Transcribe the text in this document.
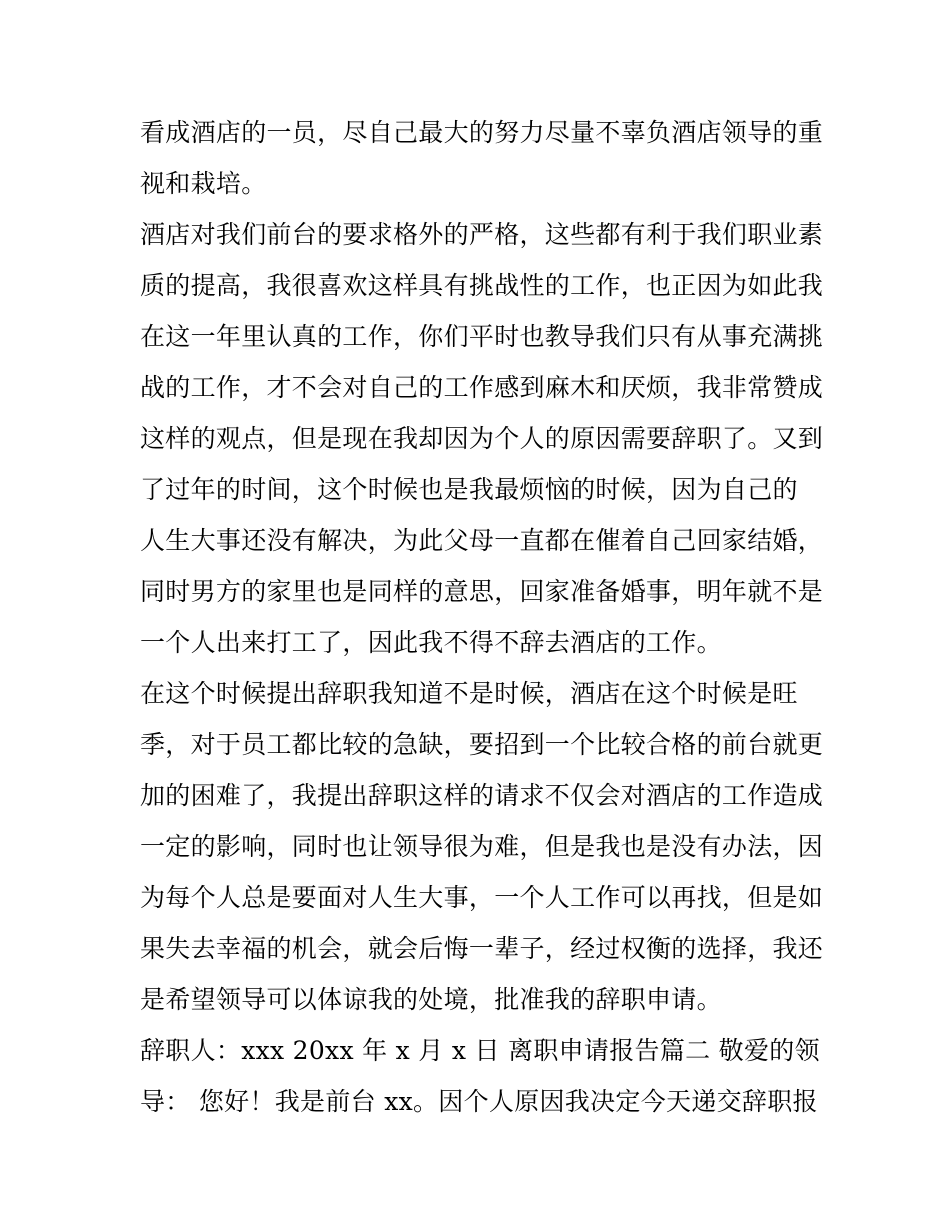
看成酒店的一员，尽自己最大的努力尽量不辜负酒店领导的重
视和栽培。
酒店对我们前台的要求格外的严格，这些都有利于我们职业素
质的提高，我很喜欢这样具有挑战性的工作，也正因为如此我
在这一年里认真的工作，你们平时也教导我们只有从事充满挑
战的工作，才不会对自己的工作感到麻木和厌烦，我非常赞成
这样的观点，但是现在我却因为个人的原因需要辞职了。又到
了过年的时间，这个时候也是我最烦恼的时候，因为自己的
人生大事还没有解决，为此父母一直都在催着自己回家结婚，
同时男方的家里也是同样的意思，回家准备婚事，明年就不是
一个人出来打工了，因此我不得不辞去酒店的工作。
在这个时候提出辞职我知道不是时候，酒店在这个时候是旺
季，对于员工都比较的急缺，要招到一个比较合格的前台就更
加的困难了，我提出辞职这样的请求不仅会对酒店的工作造成
一定的影响，同时也让领导很为难，但是我也是没有办法，因
为每个人总是要面对人生大事，一个人工作可以再找，但是如
果失去幸福的机会，就会后悔一辈子，经过权衡的选择，我还
是希望领导可以体谅我的处境，批准我的辞职申请。
辞职人：xxx 20xx 年 x 月 x 日 离职申请报告篇二 敬爱的领
导： 您好！我是前台 xx。因个人原因我决定今天递交辞职报
